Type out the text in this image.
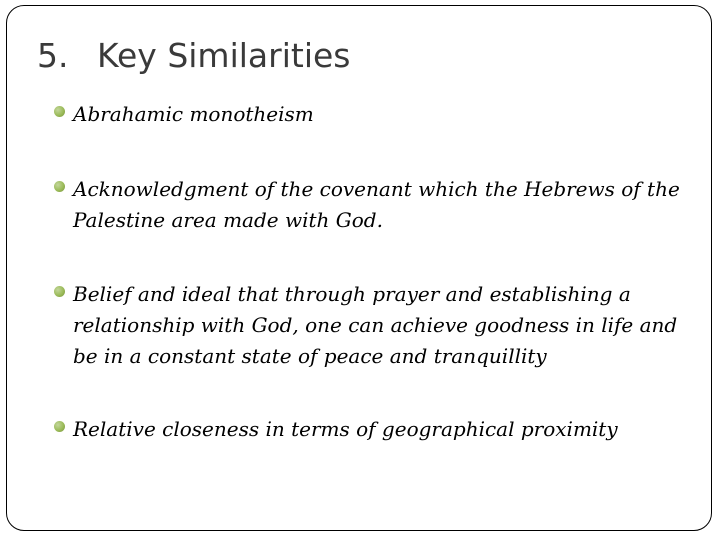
5. Key Similarities
Abrahamic monotheism
Acknowledgment of the covenant which the Hebrews of the Palestine area made with God.
Belief and ideal that through prayer and establishing a relationship with God, one can achieve goodness in life and be in a constant state of peace and tranquillity
Relative closeness in terms of geographical proximity
